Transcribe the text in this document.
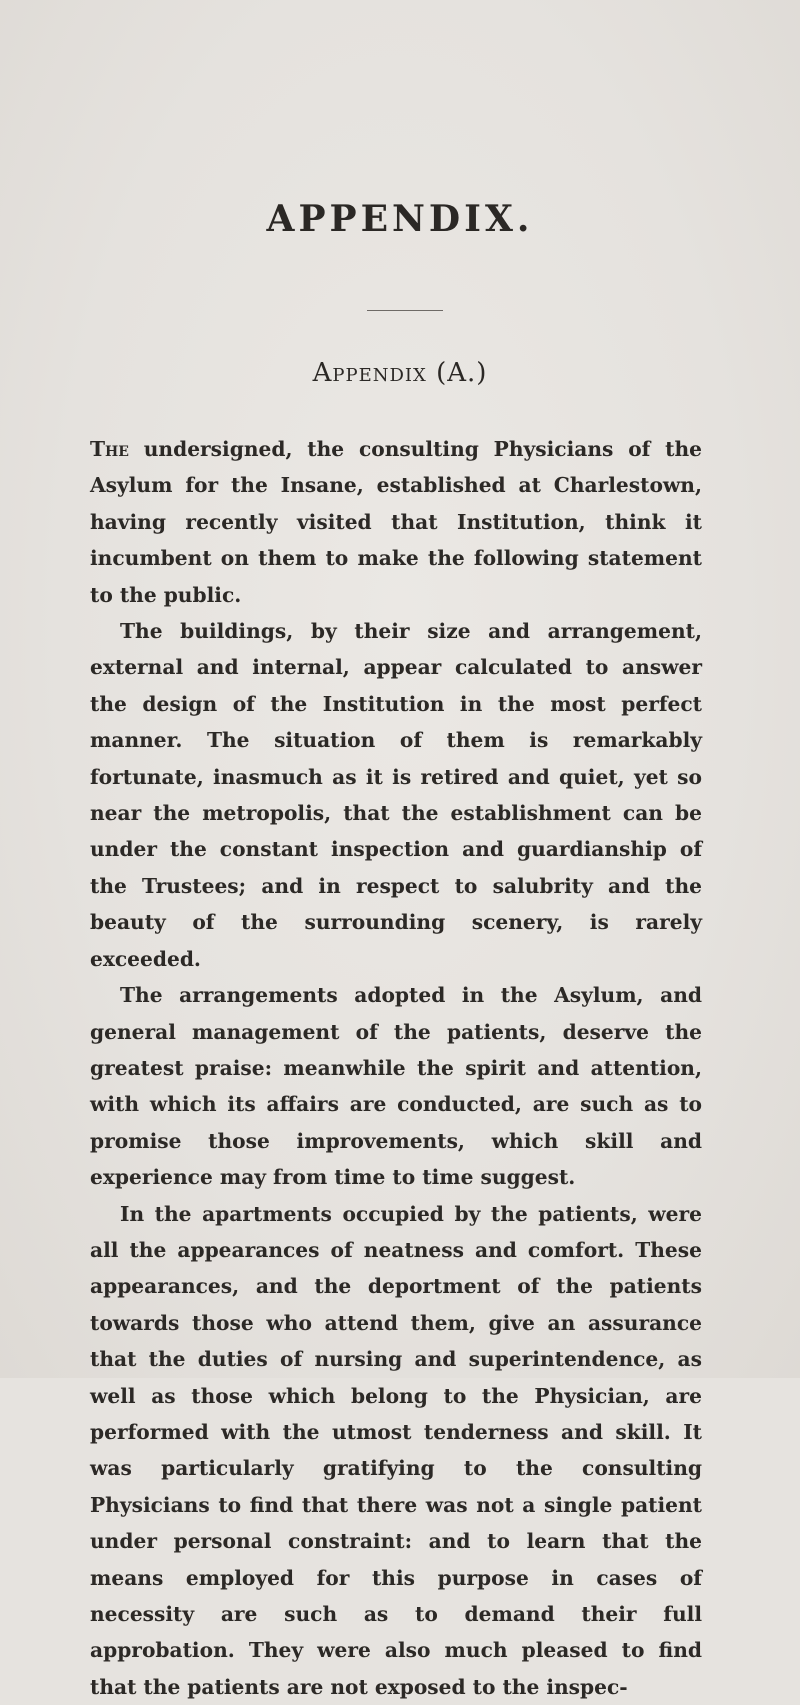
APPENDIX.
Appendix (A.)

The undersigned, the consulting Physicians of the Asylum for the Insane, established at Charlestown, having recently visited that Institution, think it incumbent on them to make the following statement to the public.

The buildings, by their size and arrangement, external and internal, appear calculated to answer the design of the Institution in the most perfect manner. The situation of them is remarkably fortunate, inasmuch as it is retired and quiet, yet so near the metropolis, that the establishment can be under the constant inspection and guardianship of the Trustees; and in respect to salubrity and the beauty of the surrounding scenery, is rarely exceeded.

The arrangements adopted in the Asylum, and general management of the patients, deserve the greatest praise: meanwhile the spirit and attention, with which its affairs are conducted, are such as to promise those improvements, which skill and experience may from time to time suggest.

In the apartments occupied by the patients, were all the appearances of neatness and comfort. These appearances, and the deportment of the patients towards those who attend them, give an assurance that the duties of nursing and superintendence, as well as those which belong to the Physician, are performed with the utmost tenderness and skill. It was particularly gratifying to the consulting Physicians to find that there was not a single patient under personal constraint: and to learn that the means employed for this purpose in cases of necessity are such as to demand their full approbation. They were also much pleased to find that the patients are not exposed to the inspec-
